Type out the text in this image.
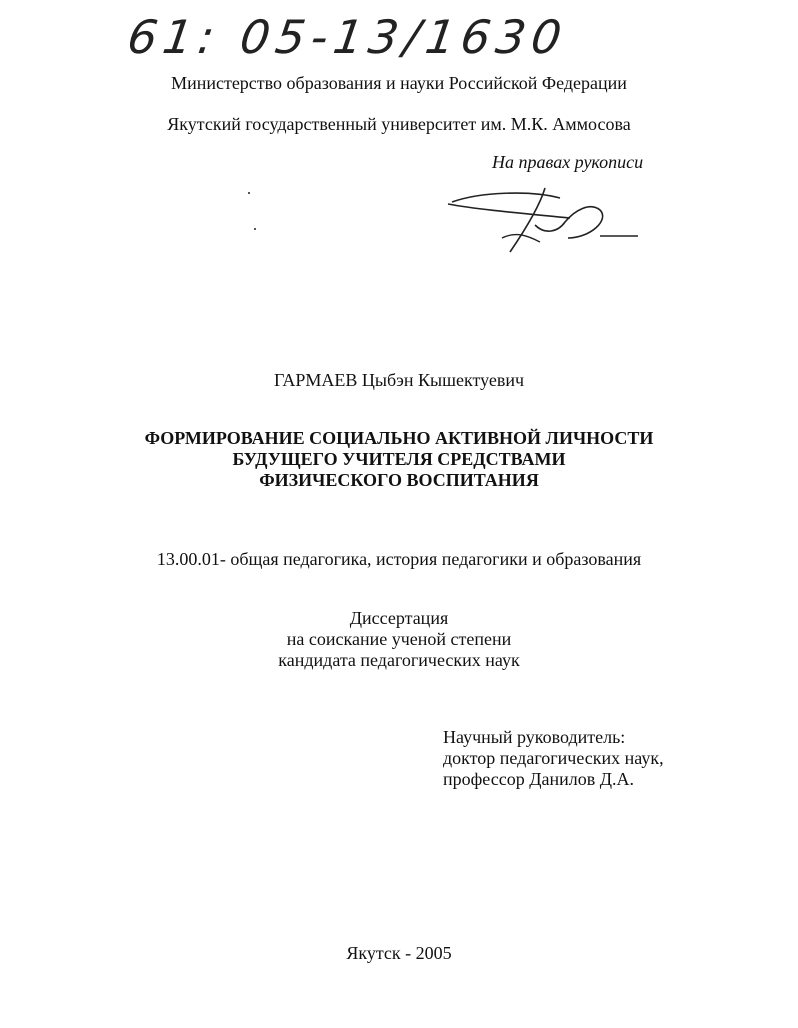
61: 05-13/1630
Министерство образования и науки Российской Федерации
Якутский государственный университет им. М.К. Аммосова
На правах рукописи
ГАРМАЕВ Цыбэн Кышектуевич
ФОРМИРОВАНИЕ СОЦИАЛЬНО АКТИВНОЙ ЛИЧНОСТИ
БУДУЩЕГО УЧИТЕЛЯ СРЕДСТВАМИ
ФИЗИЧЕСКОГО ВОСПИТАНИЯ
13.00.01- общая педагогика, история педагогики и образования
Диссертация
на соискание ученой степени
кандидата педагогических наук
Научный руководитель:
доктор педагогических наук,
профессор Данилов Д.А.
Якутск - 2005
